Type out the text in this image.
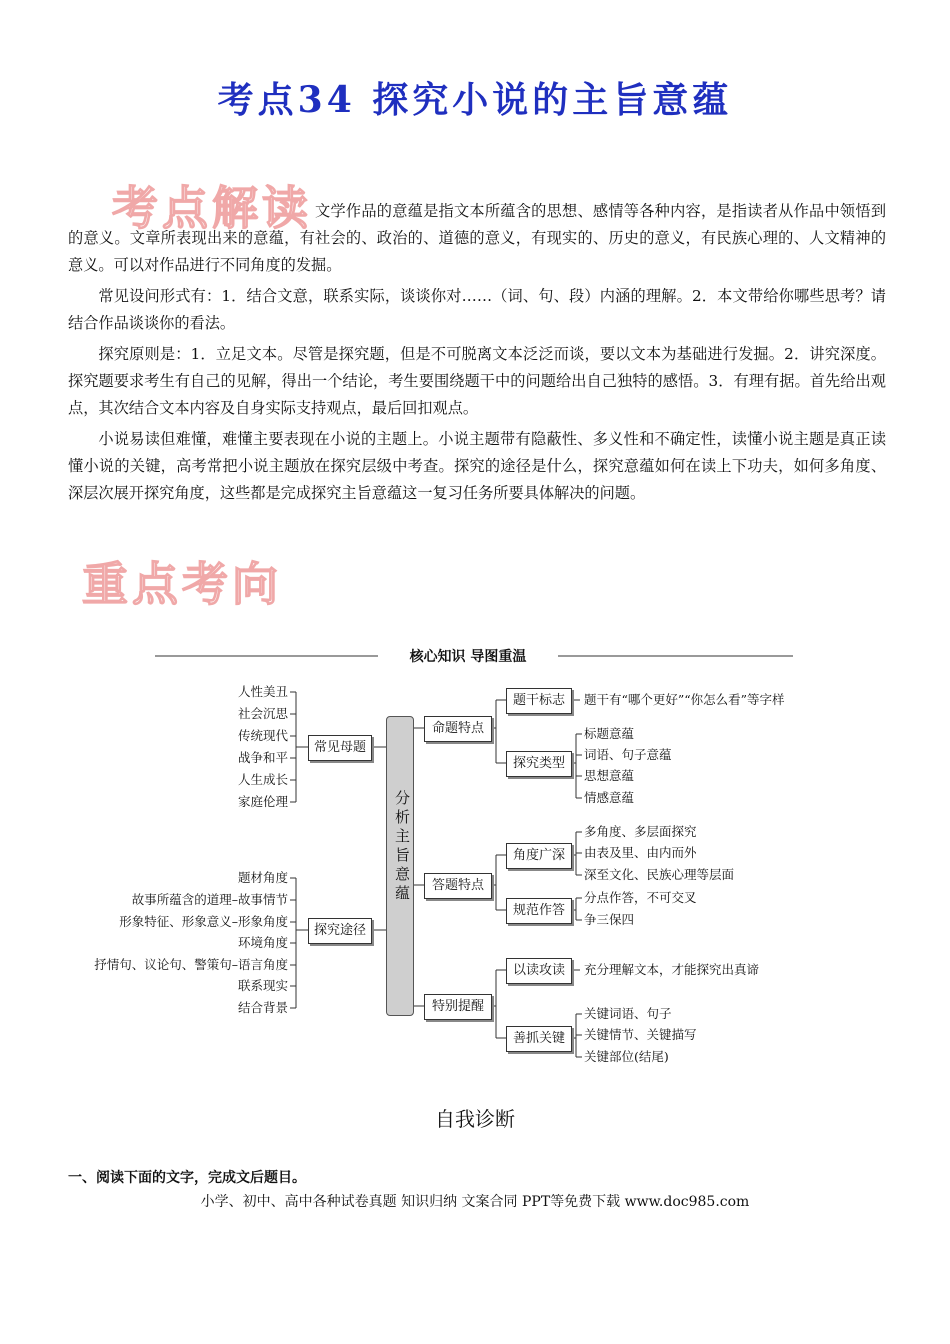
考点34 探究小说的主旨意蕴
考点解读 文学作品的意蕴是指文本所蕴含的思想、感情等各种内容，是指读者从作品中领悟到的意义。文章所表现出来的意蕴，有社会的、政治的、道德的意义，有现实的、历史的意义，有民族心理的、人文精神的意义。可以对作品进行不同角度的发掘。

常见设问形式有：1．结合文意，联系实际，谈谈你对……（词、句、段）内涵的理解。2．本文带给你哪些思考？请结合作品谈谈你的看法。

探究原则是：1．立足文本。尽管是探究题，但是不可脱离文本泛泛而谈，要以文本为基础进行发掘。2．讲究深度。探究题要求考生有自己的见解，得出一个结论，考生要围绕题干中的问题给出自己独特的感悟。3．有理有据。首先给出观点，其次结合文本内容及自身实际支持观点，最后回扣观点。

小说易读但难懂，难懂主要表现在小说的主题上。小说主题带有隐蔽性、多义性和不确定性，读懂小说主题是真正读懂小说的关键，高考常把小说主题放在探究层级中考查。探究的途径是什么，探究意蕴如何在读上下功夫，如何多角度、深层次展开探究角度，这些都是完成探究主旨意蕴这一复习任务所要具体解决的问题。

重点考向
核心知识 导图重温
分析主旨意蕴
常见母题
人性美丑
社会沉思
传统现代
战争和平
人生成长
家庭伦理
探究途径
题材角度
故事所蕴含的道理–故事情节
形象特征、形象意义–形象角度
环境角度
抒情句、议论句、警策句–语言角度
联系现实
结合背景
命题特点
题干标志	题干有“哪个更好”“你怎么看”等字样
探究类型
标题意蕴
词语、句子意蕴
思想意蕴
情感意蕴
答题特点
角度广深
多角度、多层面探究
由表及里、由内而外
深至文化、民族心理等层面
规范作答
分点作答，不可交叉
争三保四
特别提醒
以读攻读	充分理解文本，才能探究出真谛
善抓关键
关键词语、句子
关键情节、关键描写
关键部位(结尾)
自我诊断
一、阅读下面的文字，完成文后题目。
小学、初中、高中各种试卷真题 知识归纳 文案合同 PPT等免费下载 www.doc985.com
